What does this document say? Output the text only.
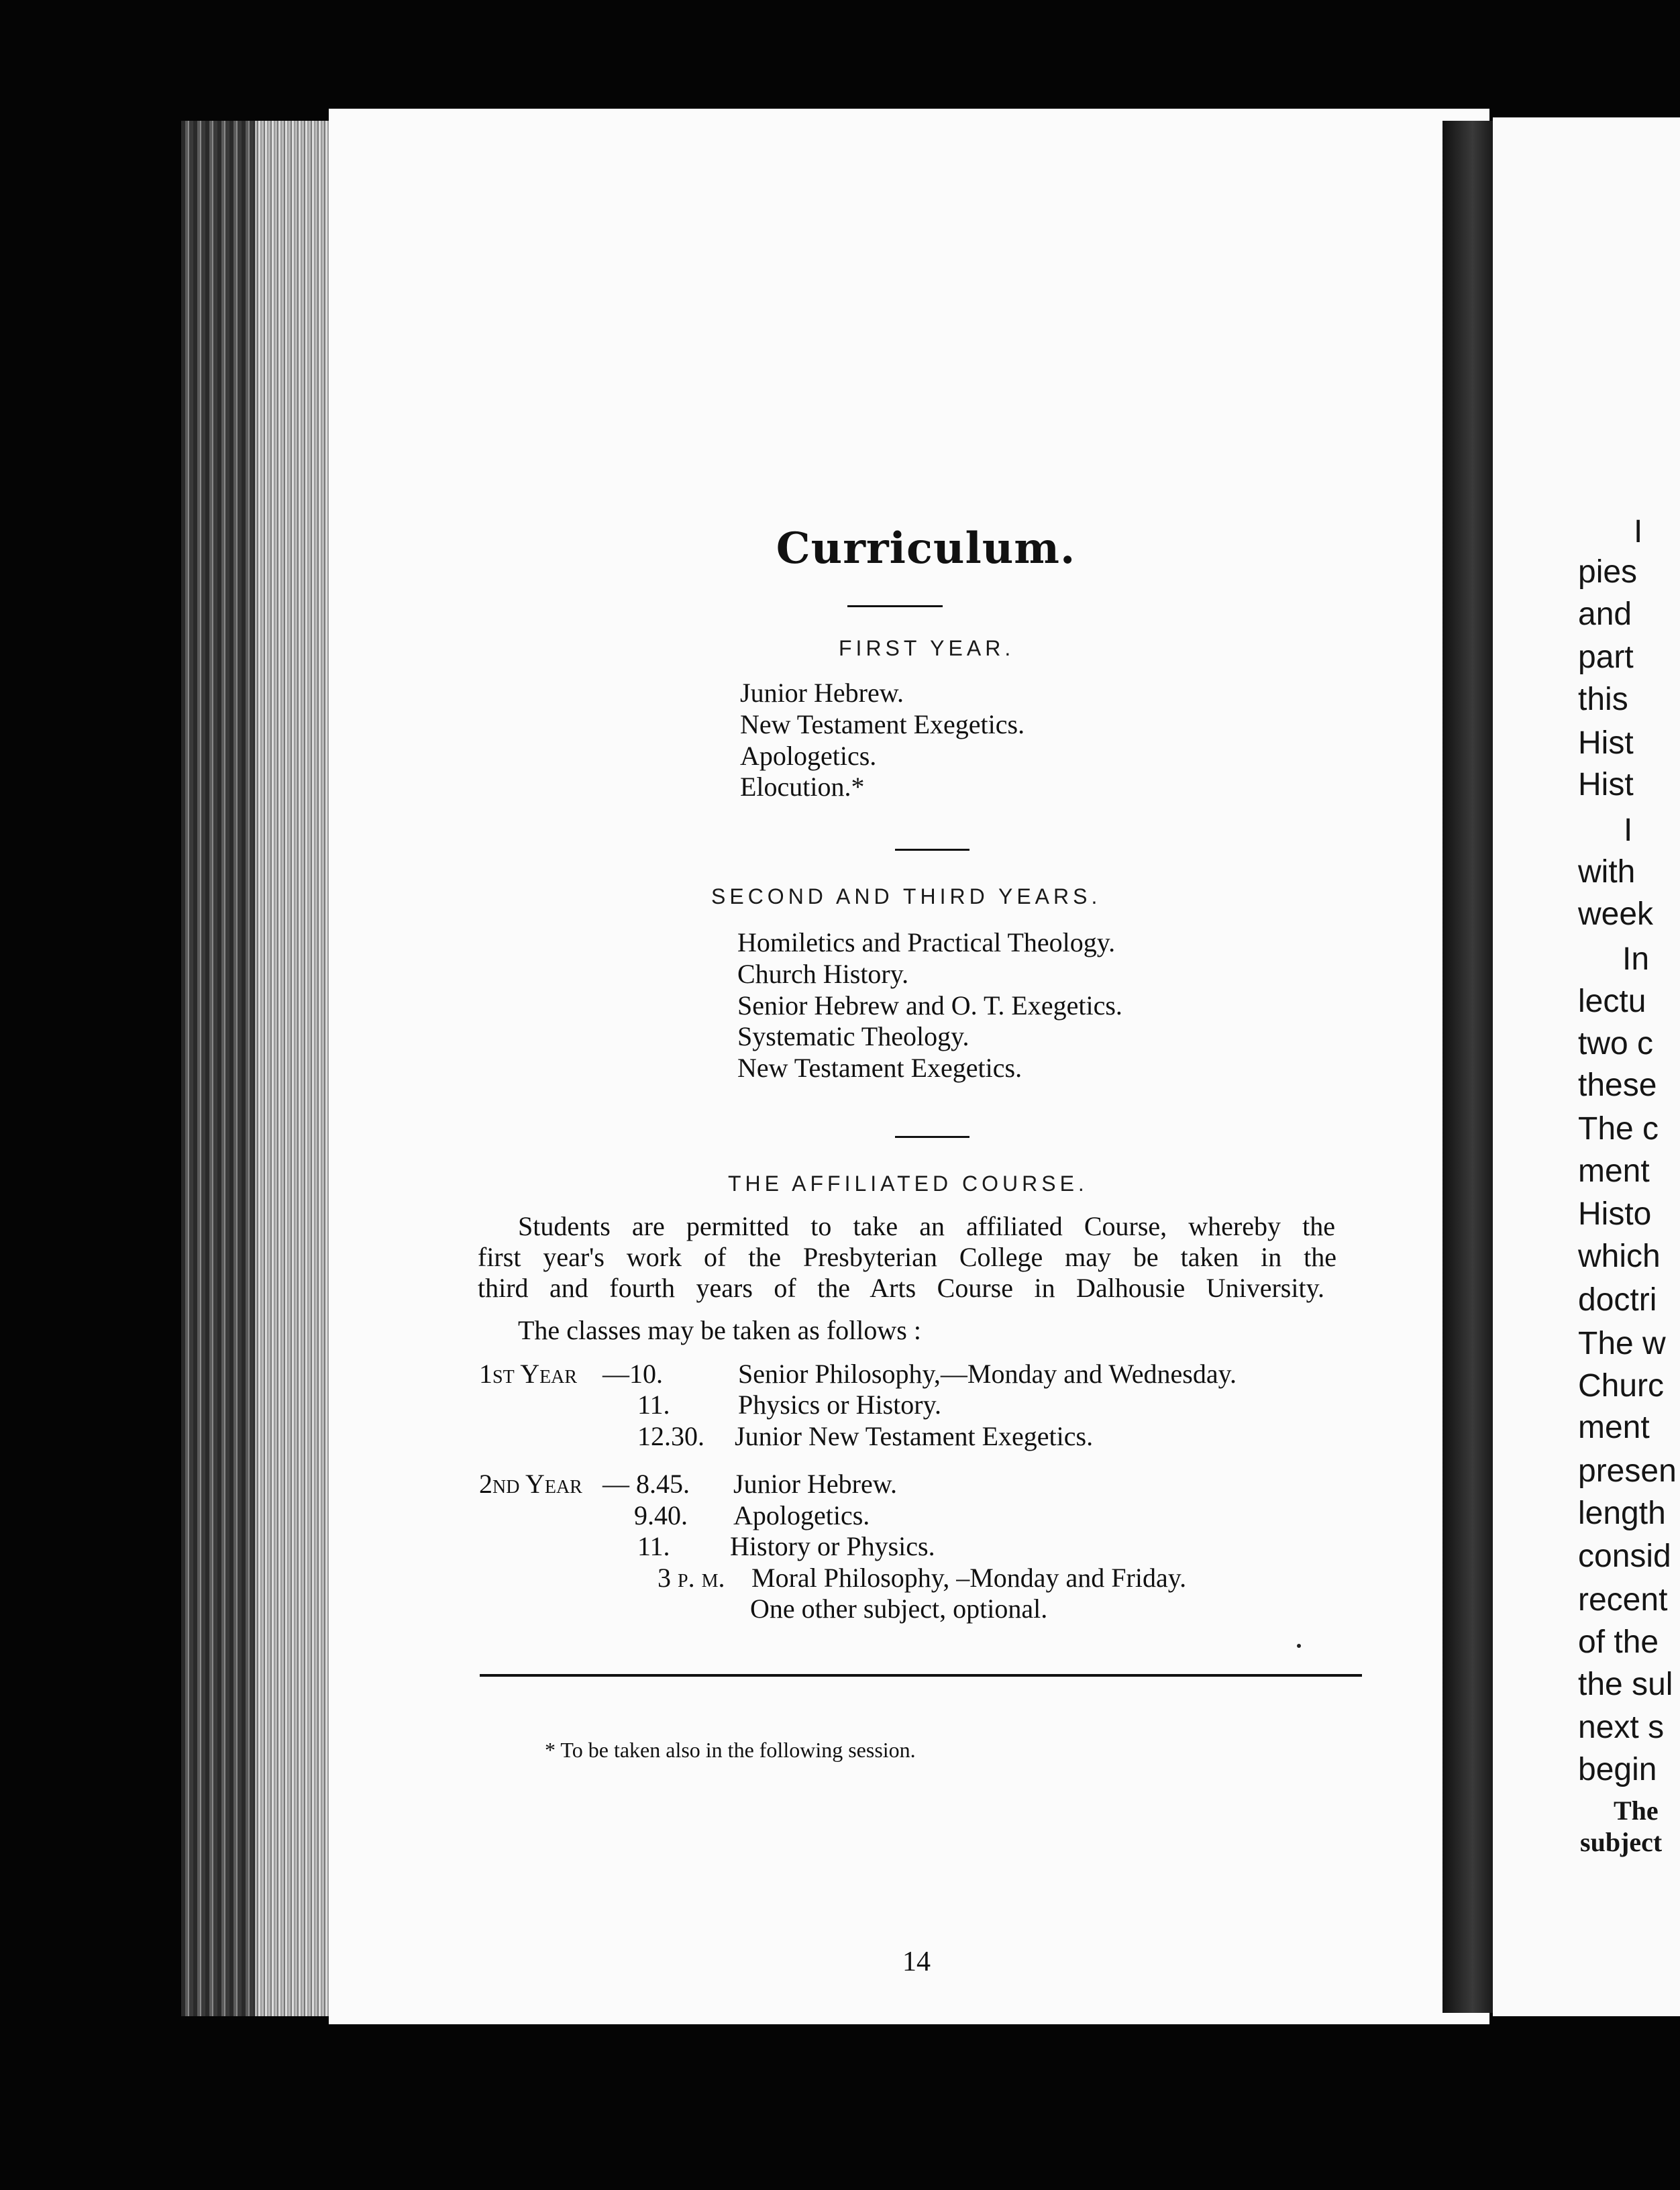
I
pies
and
part
this
Hist
Hist
I
with
week
In
lectu
two c
these
The c
ment
Histo
which
doctri
The w
Churc
ment
presen
length
consid
recent
of the
the sul
next s
begin
The
subject
Curriculum.
FIRST YEAR.
Junior Hebrew.
New Testament Exegetics.
Apologetics.
Elocution.*
SECOND AND THIRD YEARS.
Homiletics and Practical Theology.
Church History.
Senior Hebrew and O. T. Exegetics.
Systematic Theology.
New Testament Exegetics.
THE AFFILIATED COURSE.
Students are permitted to take an affiliated Course, whereby the
first year's work of the Presbyterian College may be taken in the
third and fourth years of the Arts Course in Dalhousie University.
The classes may be taken as follows :
1st Year —10.	Senior Philosophy,—Monday and Wednesday.
11.	Physics or History.
12.30. Junior New Testament Exegetics.
2nd Year — 8.45. Junior Hebrew.
9.40. Apologetics.
11. History or Physics.
3 p. m. Moral Philosophy, –Monday and Friday.
One other subject, optional.
* To be taken also in the following session.
14
